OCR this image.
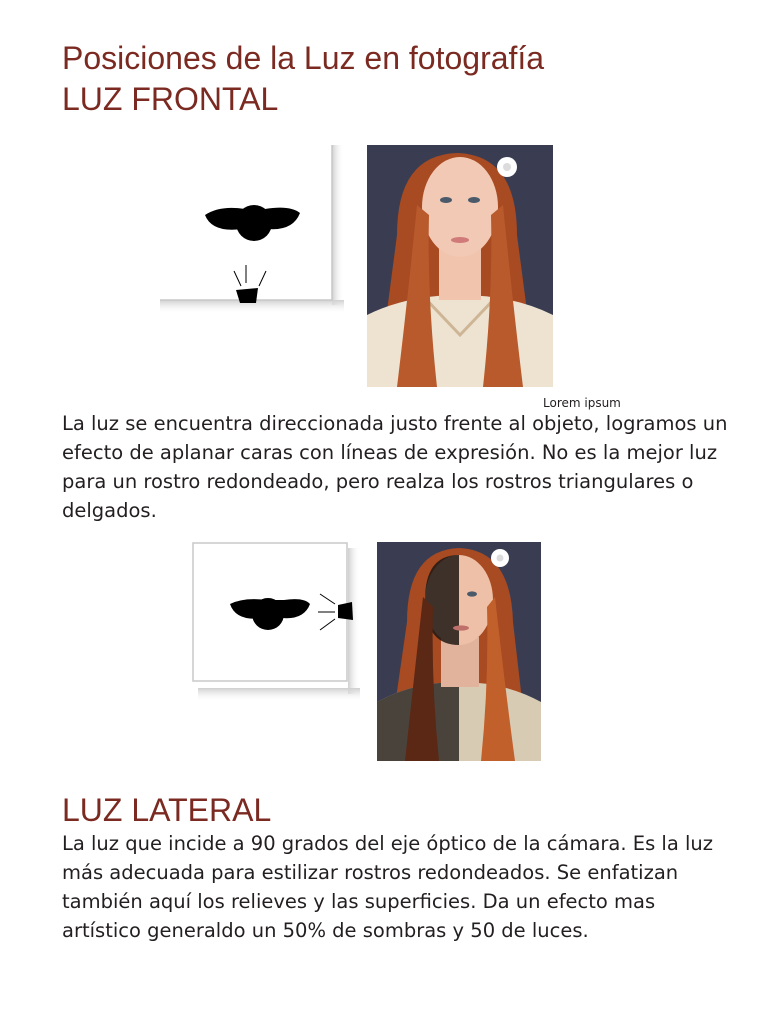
Posiciones de la Luz en fotografía
LUZ FRONTAL
Lorem ipsum

La luz se encuentra direccionada justo frente al objeto, logramos un efecto de aplanar caras con líneas de expresión. No es la mejor luz para un rostro redondeado, pero realza los rostros triangulares o delgados.

LUZ LATERAL

La luz que incide a 90 grados del eje óptico de la cámara. Es la luz más adecuada para estilizar rostros redondeados. Se enfatizan también aquí los relieves y las superficies. Da un efecto mas artístico generaldo un 50% de sombras y 50 de luces.
